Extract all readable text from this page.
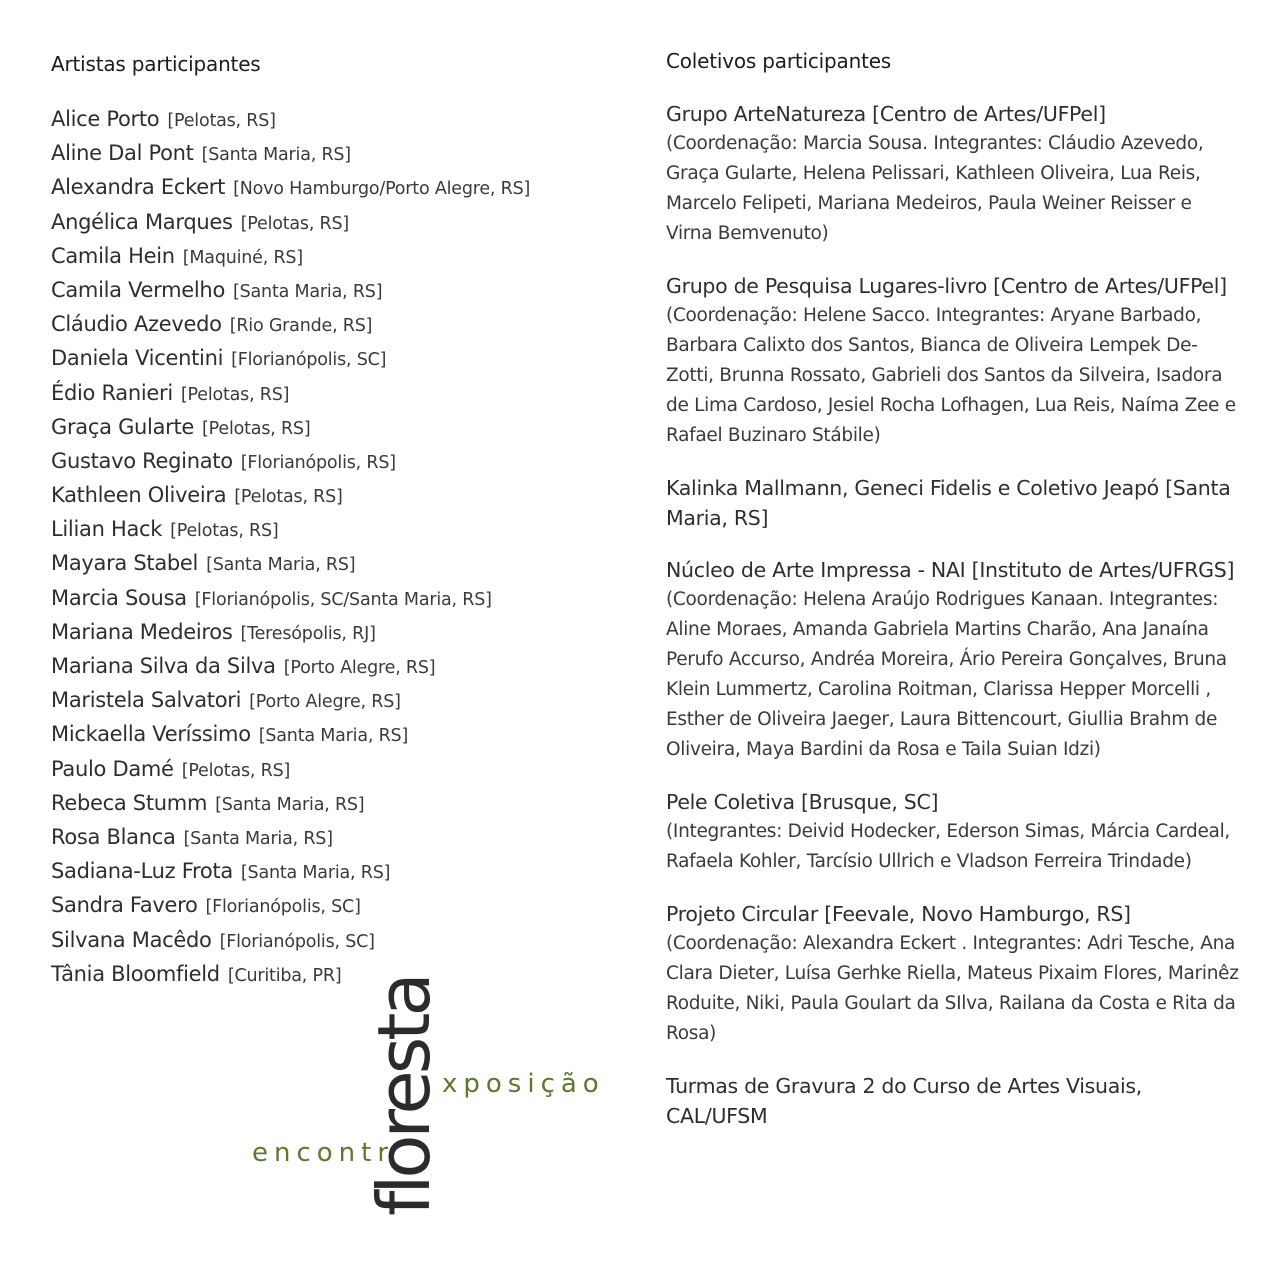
Artistas participantes
Alice Porto [Pelotas, RS]
Aline Dal Pont [Santa Maria, RS]
Alexandra Eckert [Novo Hamburgo/Porto Alegre, RS]
Angélica Marques [Pelotas, RS]
Camila Hein [Maquiné, RS]
Camila Vermelho [Santa Maria, RS]
Cláudio Azevedo [Rio Grande, RS]
Daniela Vicentini [Florianópolis, SC]
Édio Ranieri [Pelotas, RS]
Graça Gularte [Pelotas, RS]
Gustavo Reginato [Florianópolis, RS]
Kathleen Oliveira [Pelotas, RS]
Lilian Hack [Pelotas, RS]
Mayara Stabel [Santa Maria, RS]
Marcia Sousa [Florianópolis, SC/Santa Maria, RS]
Mariana Medeiros [Teresópolis, RJ]
Mariana Silva da Silva [Porto Alegre, RS]
Maristela Salvatori [Porto Alegre, RS]
Mickaella Veríssimo [Santa Maria, RS]
Paulo Damé [Pelotas, RS]
Rebeca Stumm [Santa Maria, RS]
Rosa Blanca [Santa Maria, RS]
Sadiana-Luz Frota [Santa Maria, RS]
Sandra Favero [Florianópolis, SC]
Silvana Macêdo [Florianópolis, SC]
Tânia Bloomfield [Curitiba, PR]
Coletivos participantes
Grupo ArteNatureza [Centro de Artes/UFPel]
(Coordenação: Marcia Sousa. Integrantes: Cláudio Azevedo, Graça Gularte, Helena Pelissari, Kathleen Oliveira, Lua Reis, Marcelo Felipeti, Mariana Medeiros, Paula Weiner Reisser e Virna Bemvenuto)
Grupo de Pesquisa Lugares-livro [Centro de Artes/UFPel]
(Coordenação: Helene Sacco. Integrantes: Aryane Barbado, Barbara Calixto dos Santos, Bianca de Oliveira Lempek De-Zotti, Brunna Rossato, Gabrieli dos Santos da Silveira, Isadora de Lima Cardoso, Jesiel Rocha Lofhagen, Lua Reis, Naíma Zee e Rafael Buzinaro Stábile)
Kalinka Mallmann, Geneci Fidelis e Coletivo Jeapó [Santa Maria, RS]
Núcleo de Arte Impressa - NAI [Instituto de Artes/UFRGS]
(Coordenação: Helena Araújo Rodrigues Kanaan. Integrantes: Aline Moraes, Amanda Gabriela Martins Charão, Ana Janaína Perufo Accurso, Andréa Moreira, Ário Pereira Gonçalves, Bruna Klein Lummertz, Carolina Roitman, Clarissa Hepper Morcelli , Esther de Oliveira Jaeger, Laura Bittencourt, Giullia Brahm de Oliveira, Maya Bardini da Rosa e Taila Suian Idzi)
Pele Coletiva [Brusque, SC]
(Integrantes: Deivid Hodecker, Ederson Simas, Márcia Cardeal, Rafaela Kohler, Tarcísio Ullrich e Vladson Ferreira Trindade)
Projeto Circular [Feevale, Novo Hamburgo, RS]
(Coordenação: Alexandra Eckert . Integrantes: Adri Tesche, Ana Clara Dieter, Luísa Gerhke Riella, Mateus Pixaim Flores, Marinêz Roduite, Niki, Paula Goulart da SIlva, Railana da Costa e Rita da Rosa)
Turmas de Gravura 2 do Curso de Artes Visuais, CAL/UFSM
floresta
encontr
xposição
